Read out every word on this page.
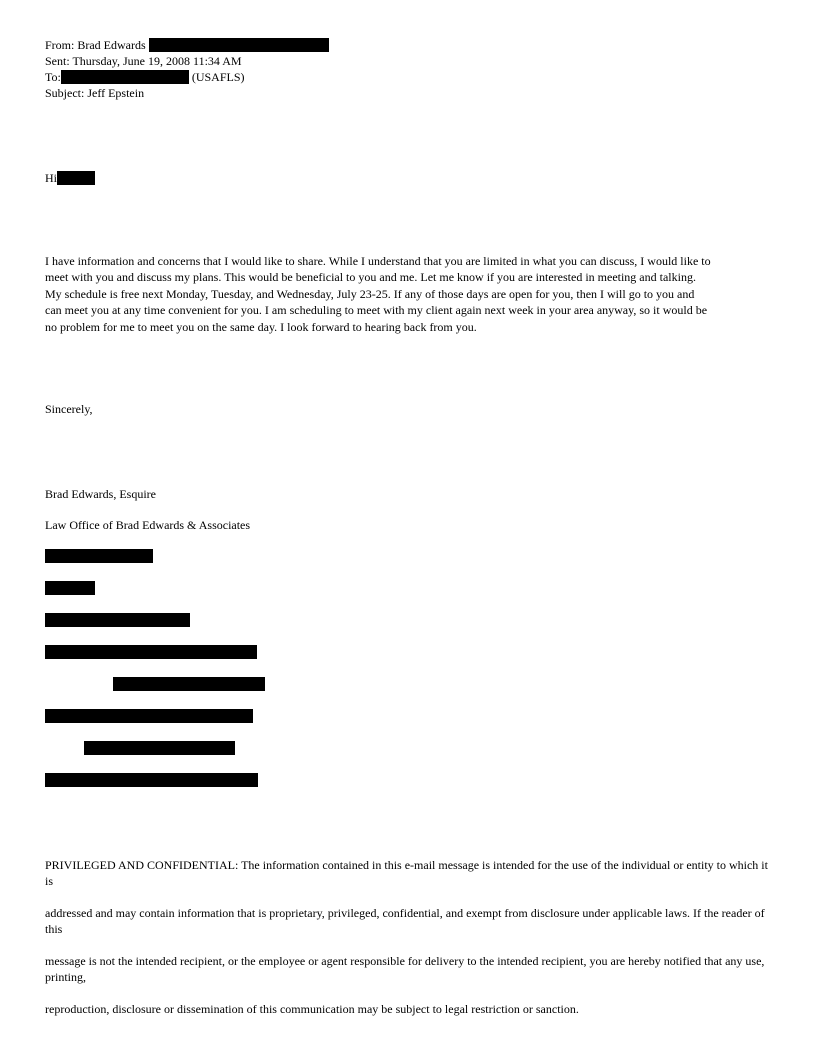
From: Brad Edwards
Sent: Thursday, June 19, 2008 11:34 AM
To:	(USAFLS)
Subject: Jeff Epstein
Hi
I have information and concerns that I would like to share. While I understand that you are limited in what you can discuss, I would like to
meet with you and discuss my plans. This would be beneficial to you and me. Let me know if you are interested in meeting and talking.
My schedule is free next Monday, Tuesday, and Wednesday, July 23-25. If any of those days are open for you, then I will go to you and
can meet you at any time convenient for you. I am scheduling to meet with my client again next week in your area anyway, so it would be
no problem for me to meet you on the same day. I look forward to hearing back from you.
Sincerely,
Brad Edwards, Esquire
Law Office of Brad Edwards & Associates
PRIVILEGED AND CONFIDENTIAL: The information contained in this e-mail message is intended for the use of the individual or entity to which it is
addressed and may contain information that is proprietary, privileged, confidential, and exempt from disclosure under applicable laws. If the reader of this
message is not the intended recipient, or the employee or agent responsible for delivery to the intended recipient, you are hereby notified that any use, printing,
reproduction, disclosure or dissemination of this communication may be subject to legal restriction or sanction.
